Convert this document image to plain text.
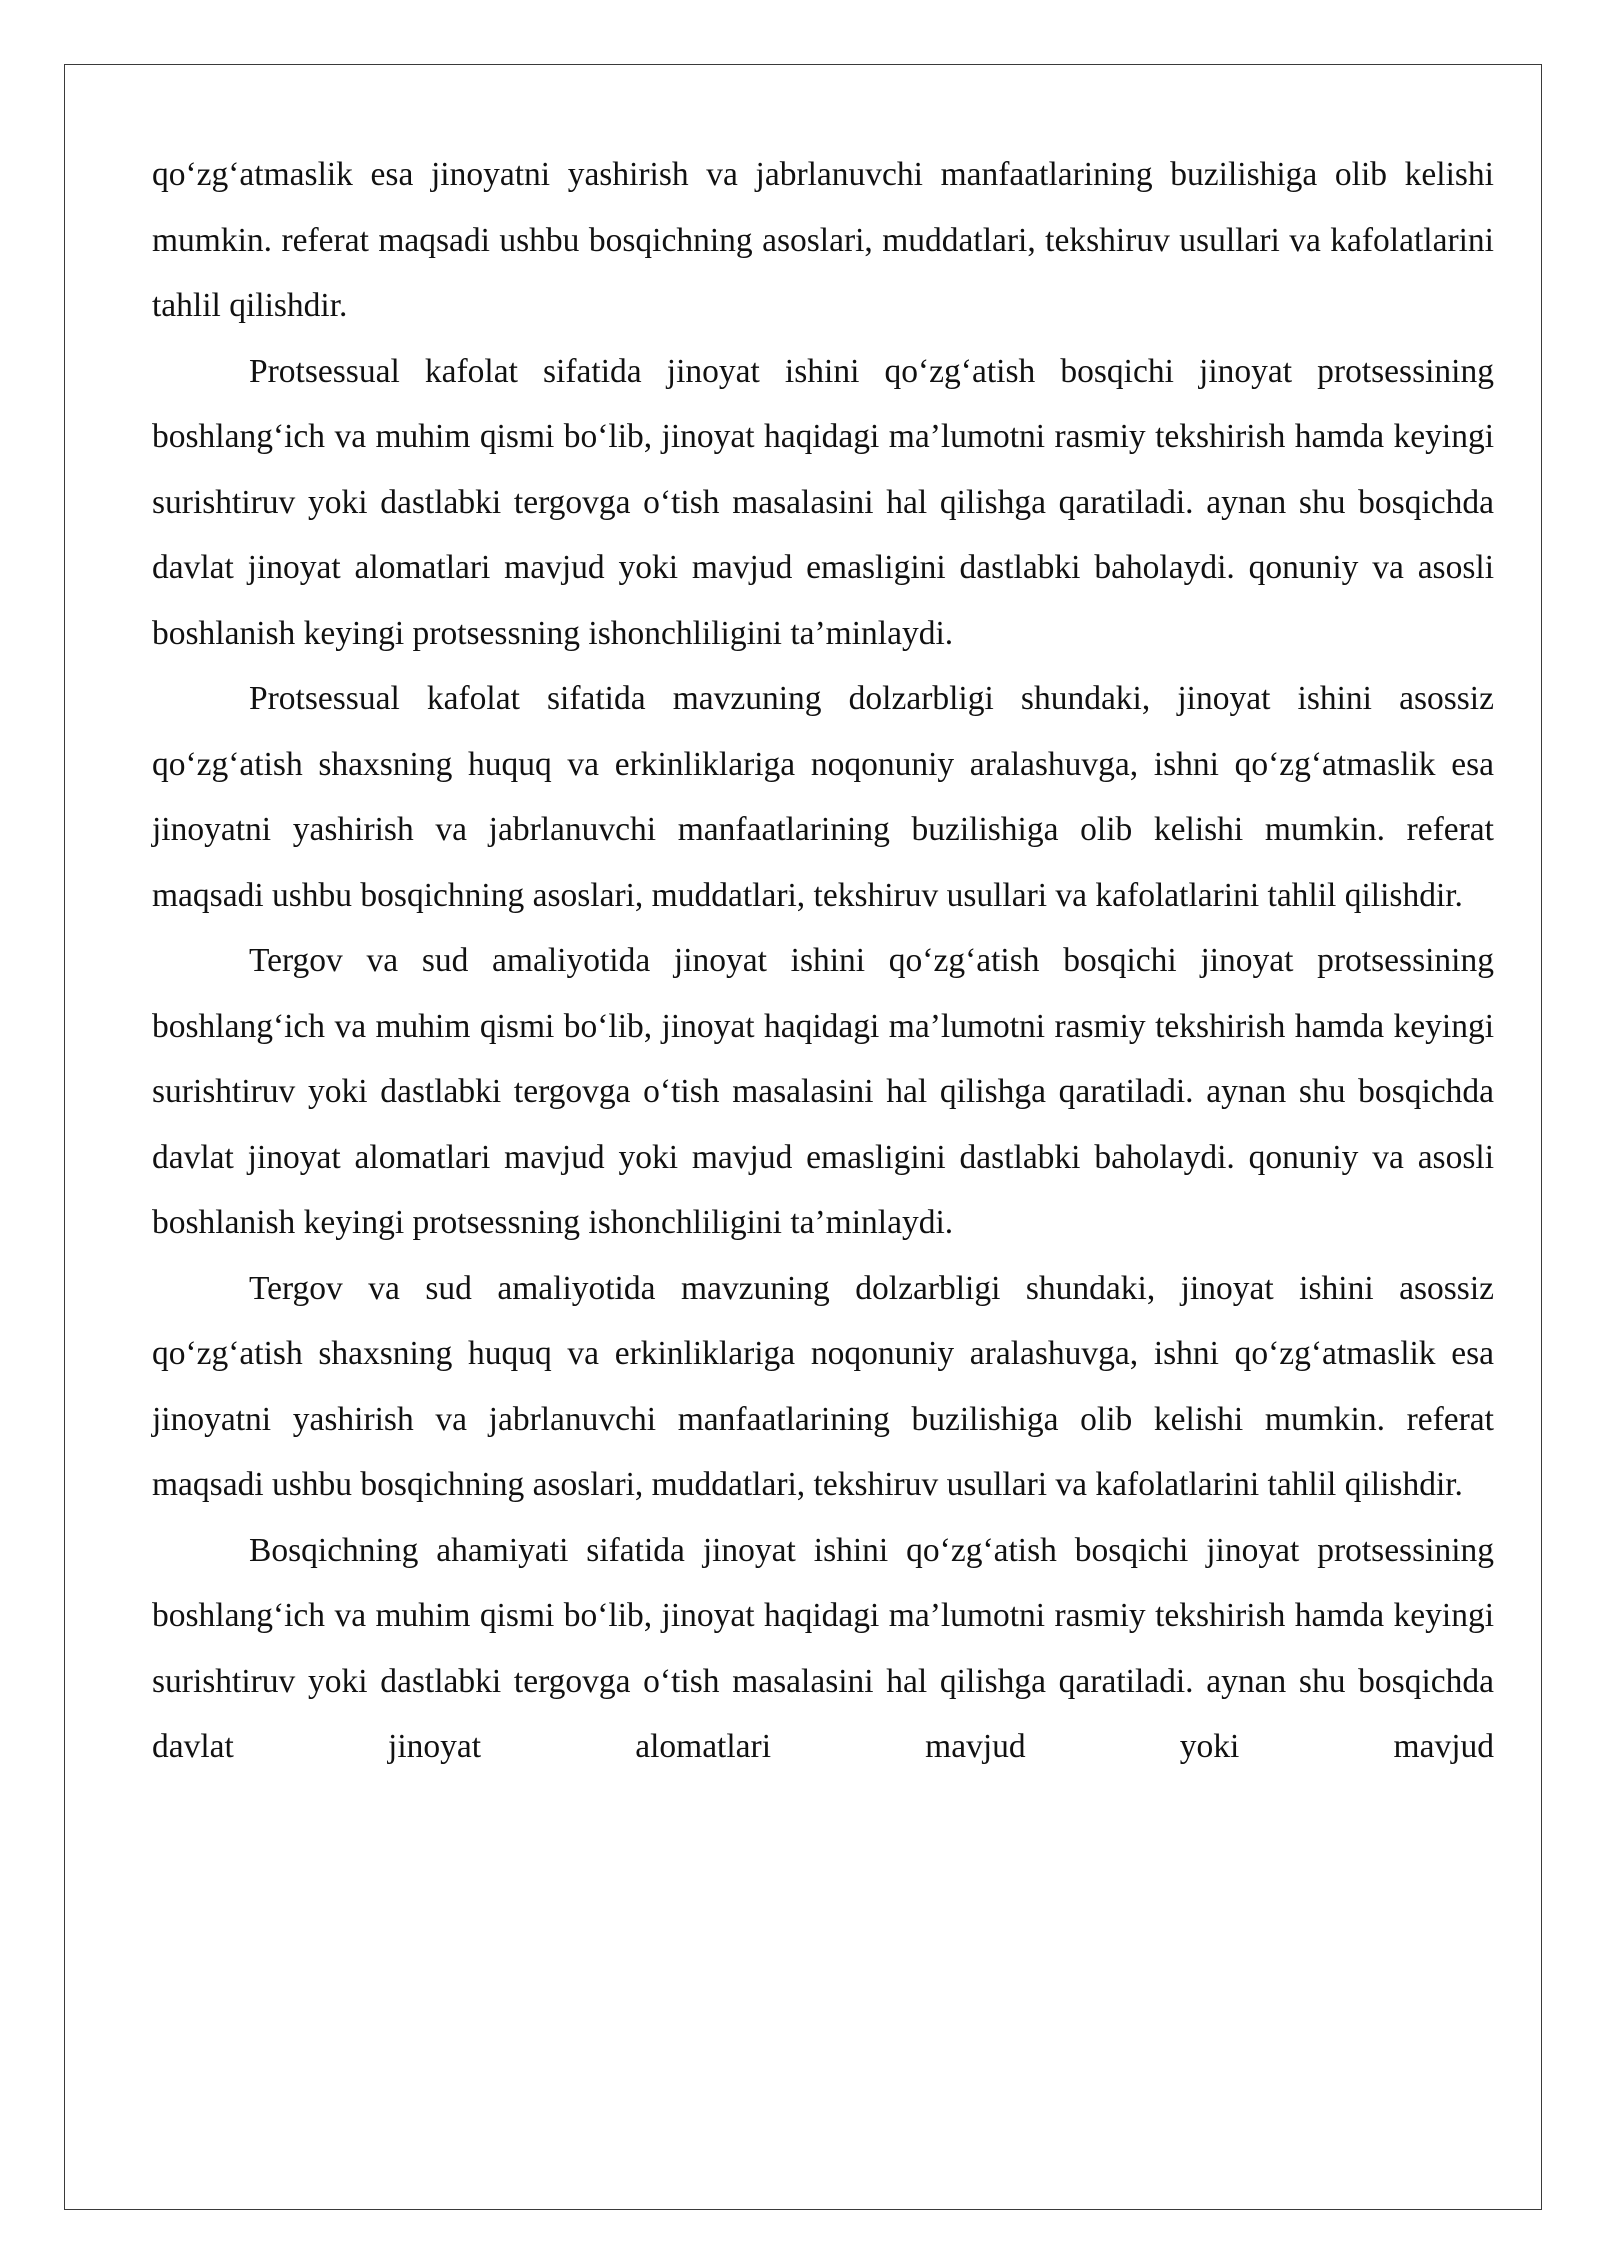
qo‘zg‘atmaslik esa jinoyatni yashirish va jabrlanuvchi manfaatlarining buzilishiga olib kelishi mumkin. referat maqsadi ushbu bosqichning asoslari, muddatlari, tekshiruv usullari va kafolatlarini tahlil qilishdir.

Protsessual kafolat sifatida jinoyat ishini qo‘zg‘atish bosqichi jinoyat protsessining boshlang‘ich va muhim qismi bo‘lib, jinoyat haqidagi ma’lumotni rasmiy tekshirish hamda keyingi surishtiruv yoki dastlabki tergovga o‘tish masalasini hal qilishga qaratiladi. aynan shu bosqichda davlat jinoyat alomatlari mavjud yoki mavjud emasligini dastlabki baholaydi. qonuniy va asosli boshlanish keyingi protsessning ishonchliligini ta’minlaydi.

Protsessual kafolat sifatida mavzuning dolzarbligi shundaki, jinoyat ishini asossiz qo‘zg‘atish shaxsning huquq va erkinliklariga noqonuniy aralashuvga, ishni qo‘zg‘atmaslik esa jinoyatni yashirish va jabrlanuvchi manfaatlarining buzilishiga olib kelishi mumkin. referat maqsadi ushbu bosqichning asoslari, muddatlari, tekshiruv usullari va kafolatlarini tahlil qilishdir.

Tergov va sud amaliyotida jinoyat ishini qo‘zg‘atish bosqichi jinoyat protsessining boshlang‘ich va muhim qismi bo‘lib, jinoyat haqidagi ma’lumotni rasmiy tekshirish hamda keyingi surishtiruv yoki dastlabki tergovga o‘tish masalasini hal qilishga qaratiladi. aynan shu bosqichda davlat jinoyat alomatlari mavjud yoki mavjud emasligini dastlabki baholaydi. qonuniy va asosli boshlanish keyingi protsessning ishonchliligini ta’minlaydi.

Tergov va sud amaliyotida mavzuning dolzarbligi shundaki, jinoyat ishini asossiz qo‘zg‘atish shaxsning huquq va erkinliklariga noqonuniy aralashuvga, ishni qo‘zg‘atmaslik esa jinoyatni yashirish va jabrlanuvchi manfaatlarining buzilishiga olib kelishi mumkin. referat maqsadi ushbu bosqichning asoslari, muddatlari, tekshiruv usullari va kafolatlarini tahlil qilishdir.

Bosqichning ahamiyati sifatida jinoyat ishini qo‘zg‘atish bosqichi jinoyat protsessining boshlang‘ich va muhim qismi bo‘lib, jinoyat haqidagi ma’lumotni rasmiy tekshirish hamda keyingi surishtiruv yoki dastlabki tergovga o‘tish masalasini hal qilishga qaratiladi. aynan shu bosqichda davlat jinoyat alomatlari mavjud yoki mavjud
